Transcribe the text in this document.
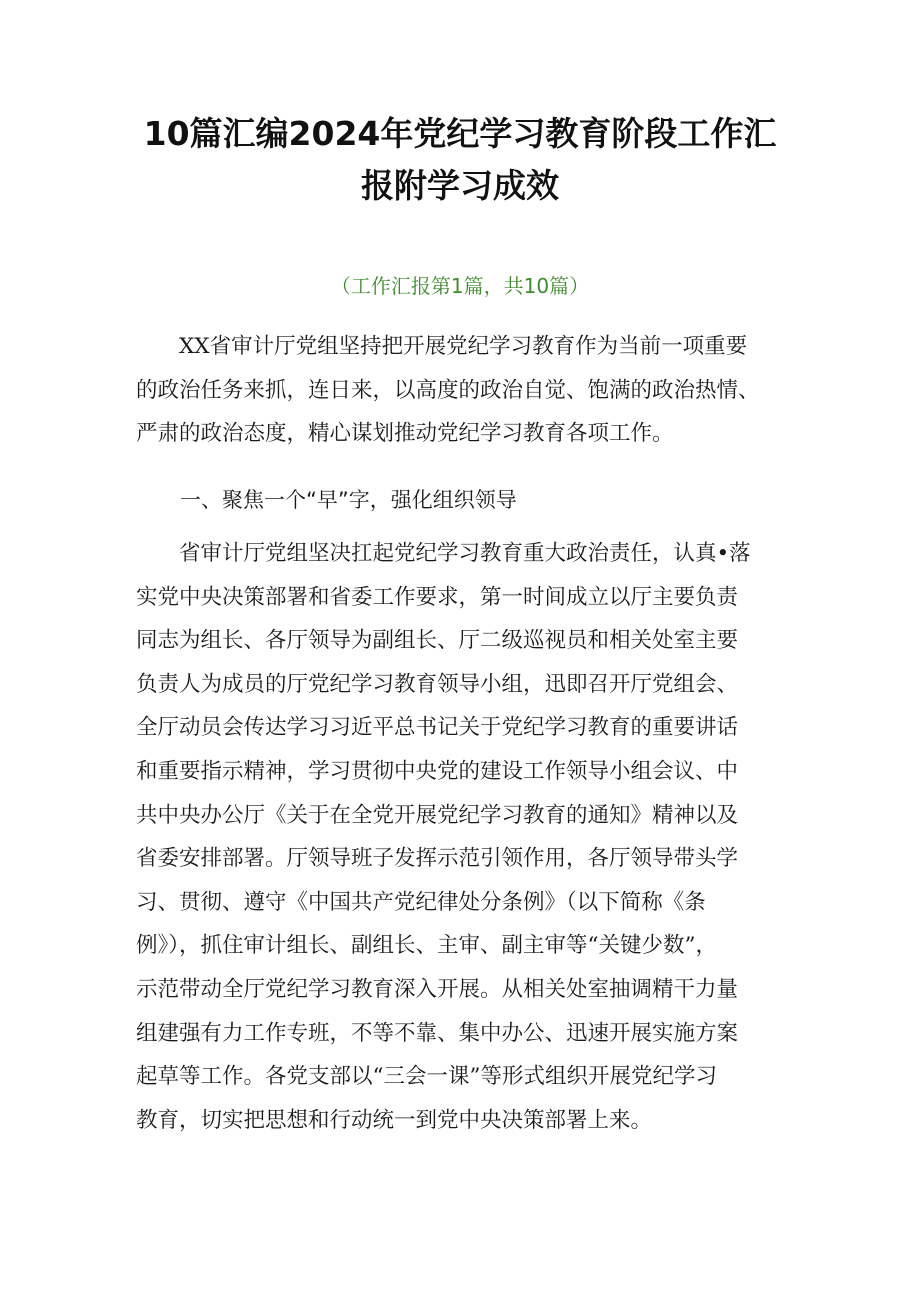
10篇汇编2024年党纪学习教育阶段工作汇
报附学习成效
（工作汇报第1篇，共10篇）
XX省审计厅党组坚持把开展党纪学习教育作为当前一项重要
的政治任务来抓，连日来，以高度的政治自觉、饱满的政治热情、
严肃的政治态度，精心谋划推动党纪学习教育各项工作。
一、聚焦一个“早”字，强化组织领导
省审计厅党组坚决扛起党纪学习教育重大政治责任，认真•落
实党中央决策部署和省委工作要求，第一时间成立以厅主要负责
同志为组长、各厅领导为副组长、厅二级巡视员和相关处室主要
负责人为成员的厅党纪学习教育领导小组，迅即召开厅党组会、
全厅动员会传达学习习近平总书记关于党纪学习教育的重要讲话
和重要指示精神，学习贯彻中央党的建设工作领导小组会议、中
共中央办公厅《关于在全党开展党纪学习教育的通知》精神以及
省委安排部署。厅领导班子发挥示范引领作用，各厅领导带头学
习、贯彻、遵守《中国共产党纪律处分条例》（以下简称《条
例》），抓住审计组长、副组长、主审、副主审等“关键少数”，
示范带动全厅党纪学习教育深入开展。从相关处室抽调精干力量
组建强有力工作专班，不等不靠、集中办公、迅速开展实施方案
起草等工作。各党支部以“三会一课”等形式组织开展党纪学习
教育，切实把思想和行动统一到党中央决策部署上来。
